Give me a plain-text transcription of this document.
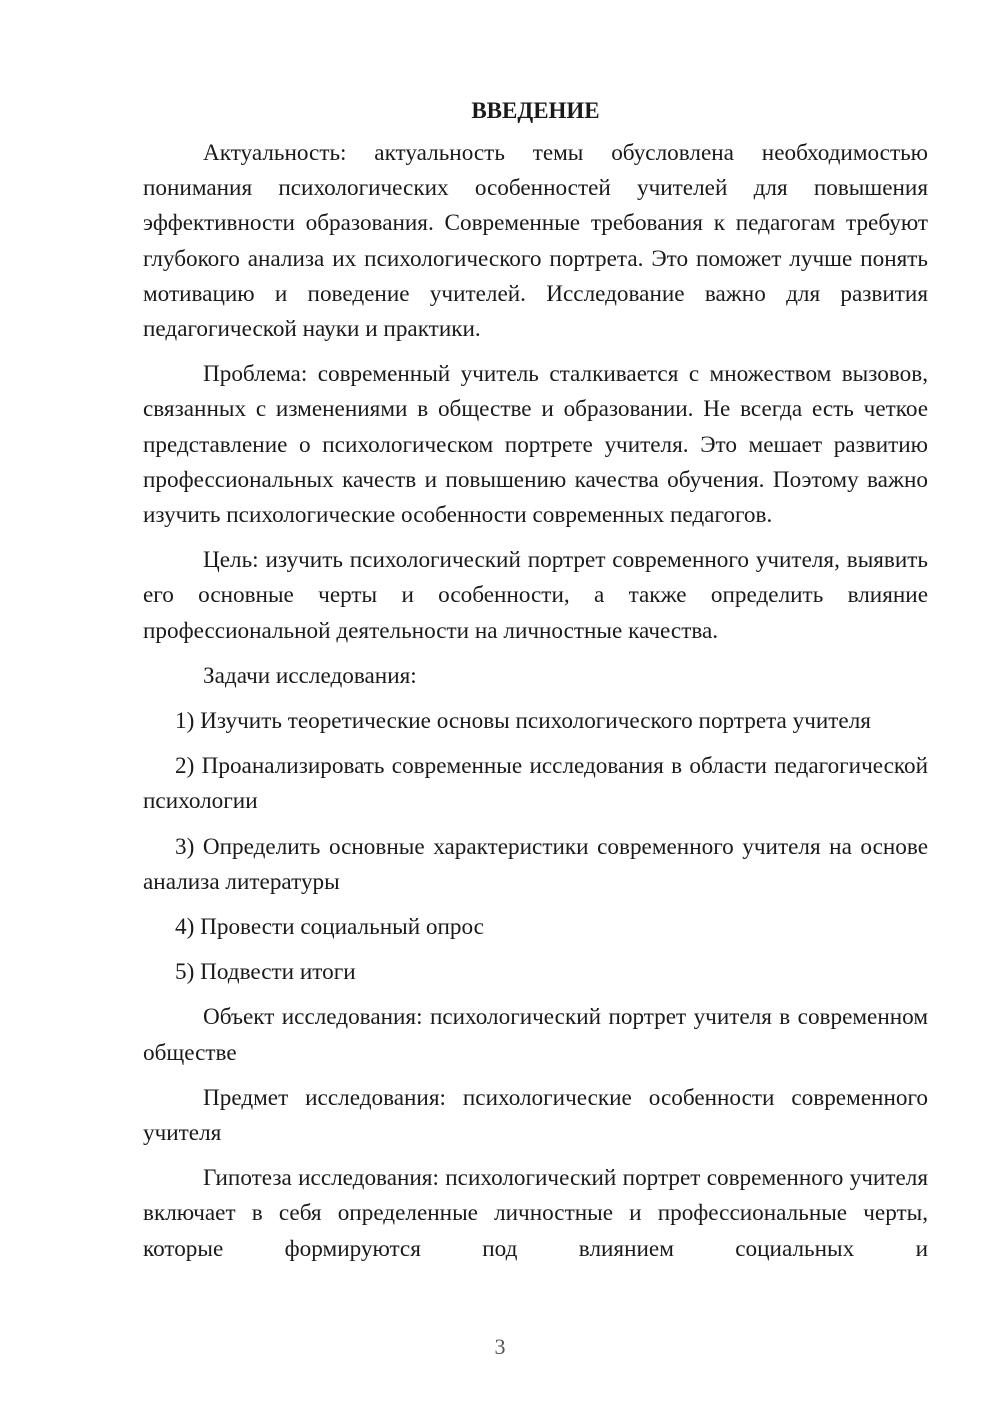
ВВЕДЕНИЕ

Актуальность: актуальность темы обусловлена необходимостью понимания психологических особенностей учителей для повышения эффективности образования. Современные требования к педагогам требуют глубокого анализа их психологического портрета. Это поможет лучше понять мотивацию и поведение учителей. Исследование важно для развития педагогической науки и практики.

Проблема: современный учитель сталкивается с множеством вызовов, связанных с изменениями в обществе и образовании. Не всегда есть четкое представление о психологическом портрете учителя. Это мешает развитию профессиональных качеств и повышению качества обучения. Поэтому важно изучить психологические особенности современных педагогов.

Цель: изучить психологический портрет современного учителя, выявить его основные черты и особенности, а также определить влияние профессиональной деятельности на личностные качества.

Задачи исследования:

1) Изучить теоретические основы психологического портрета учителя

2) Проанализировать современные исследования в области педагогической психологии

3) Определить основные характеристики современного учителя на основе анализа литературы

4) Провести социальный опрос

5) Подвести итоги

Объект исследования: психологический портрет учителя в современном обществе

Предмет исследования: психологические особенности современного учителя

Гипотеза исследования: психологический портрет современного учителя включает в себя определенные личностные и профессиональные черты, которые формируются под влиянием социальных и

3
